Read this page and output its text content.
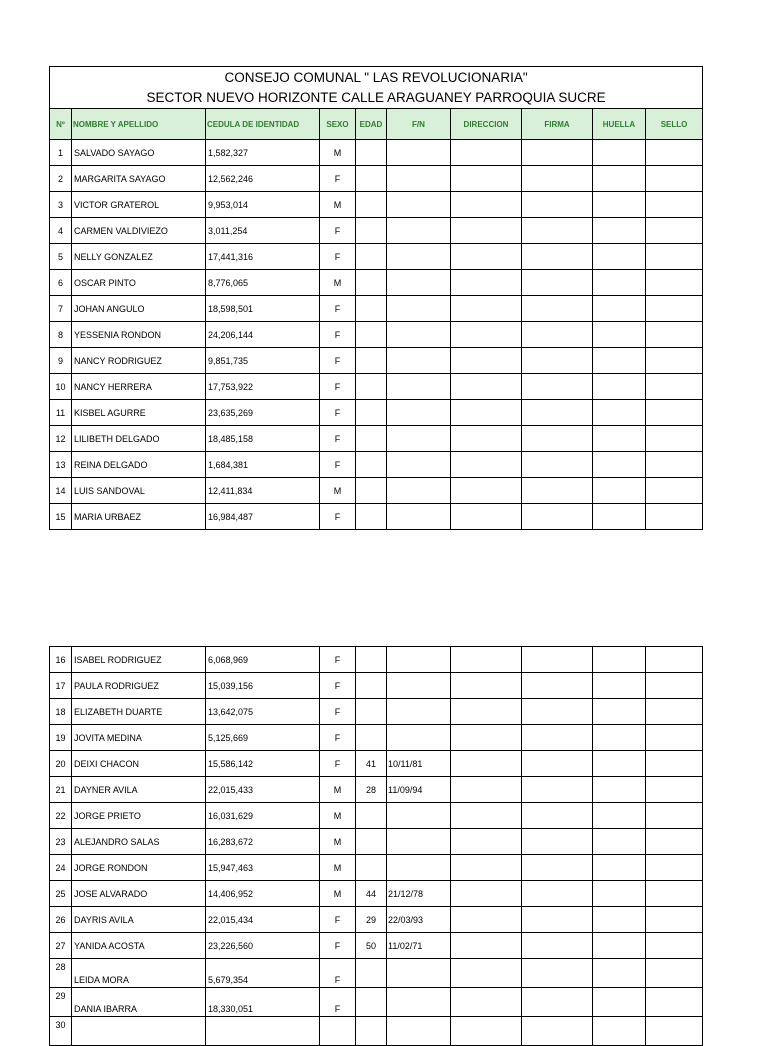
CONSEJO COMUNAL " LAS REVOLUCIONARIA"									
SECTOR NUEVO HORIZONTE CALLE ARAGUANEY PARROQUIA SUCRE									
Nº	NOMBRE Y APELLIDO	CEDULA DE IDENTIDAD	SEXO	EDAD	F/N	DIRECCION	FIRMA	HUELLA	SELLO
1	SALVADO SAYAGO	1,582,327	M						
2	MARGARITA SAYAGO	12,562,246	F						
3	VICTOR GRATEROL	9,953,014	M						
4	CARMEN VALDIVIEZO	3,011,254	F						
5	NELLY GONZALEZ	17,441,316	F						
6	OSCAR PINTO	8,776,065	M						
7	JOHAN ANGULO	18,598,501	F						
8	YESSENIA RONDON	24,206,144	F						
9	NANCY RODRIGUEZ	9,851,735	F						
10	NANCY HERRERA	17,753,922	F						
11	KISBEL AGURRE	23,635,269	F						
12	LILIBETH DELGADO	18,485,158	F						
13	REINA DELGADO	1,684,381	F						
14	LUIS SANDOVAL	12,411,834	M						
15	MARIA URBAEZ	16,984,487	F						
16	ISABEL RODRIGUEZ	6,068,969	F						
17	PAULA RODRIGUEZ	15,039,156	F						
18	ELIZABETH DUARTE	13,642,075	F						
19	JOVITA MEDINA	5,125,669	F						
20	DEIXI CHACON	15,586,142	F	41	10/11/81				
21	DAYNER AVILA	22,015,433	M	28	11/09/94				
22	JORGE PRIETO	16,031,629	M						
23	ALEJANDRO SALAS	16,283,672	M						
24	JORGE RONDON	15,947,463	M						
25	JOSE ALVARADO	14,406,952	M	44	21/12/78				
26	DAYRIS AVILA	22,015,434	F	29	22/03/93				
27	YANIDA ACOSTA	23,226,560	F	50	11/02/71				
28	LEIDA MORA	5,679,354	F						
29	DANIA IBARRA	18,330,051	F						
30									
